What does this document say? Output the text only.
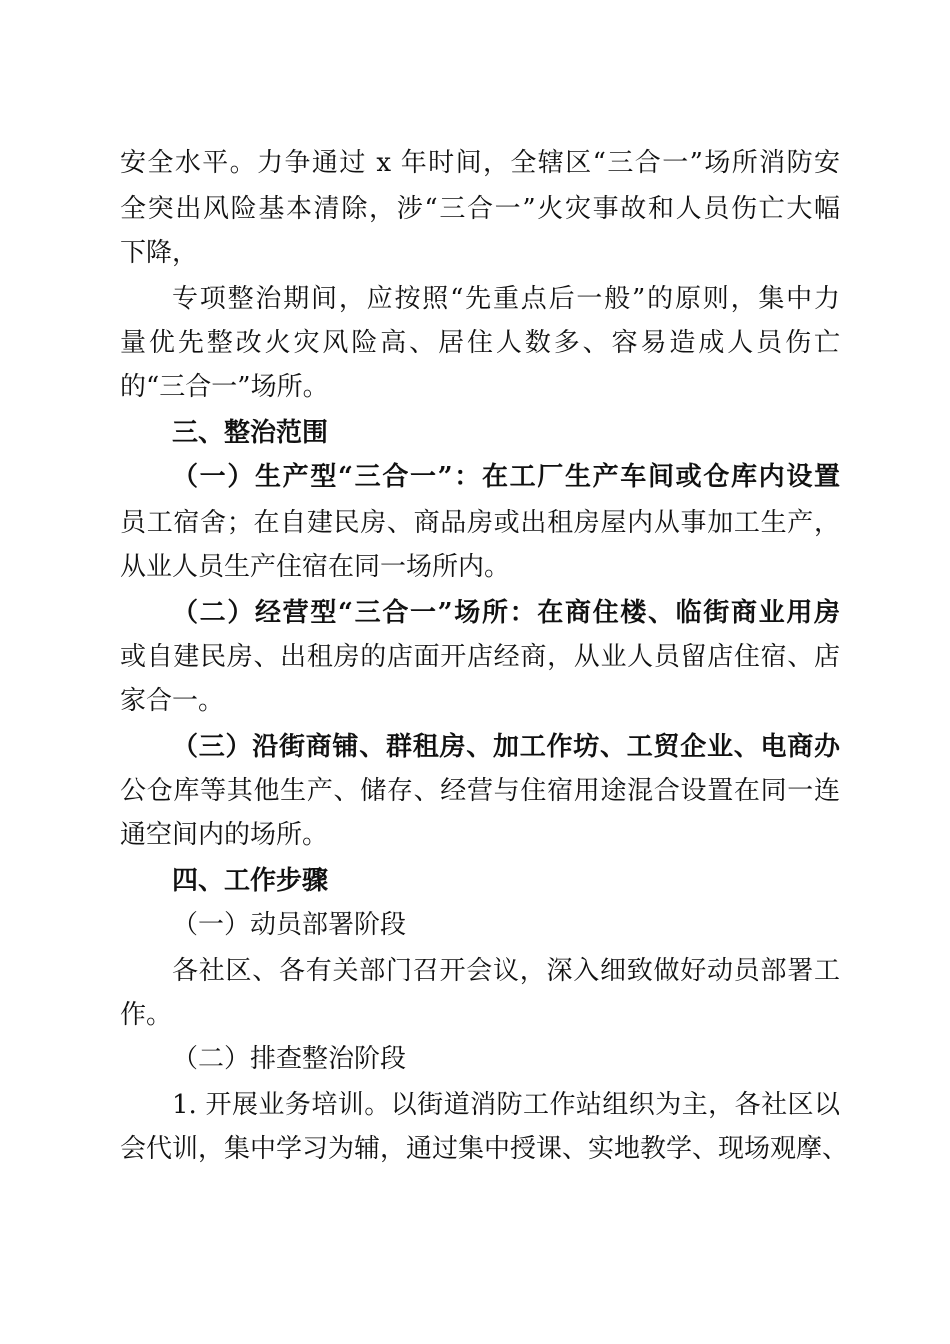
安全水平。力争通过 x 年时间，全辖区“三合一”场所消防安

全突出风险基本清除，涉“三合一”火灾事故和人员伤亡大幅

下降，

专项整治期间，应按照“先重点后一般”的原则，集中力

量优先整改火灾风险高、居住人数多、容易造成人员伤亡

的“三合一”场所。

三、整治范围

（一）生产型“三合一”：在工厂生产车间或仓库内设置

员工宿舍；在自建民房、商品房或出租房屋内从事加工生产，

从业人员生产住宿在同一场所内。

（二）经营型“三合一”场所：在商住楼、临街商业用房

或自建民房、出租房的店面开店经商，从业人员留店住宿、店

家合一。

（三）沿街商铺、群租房、加工作坊、工贸企业、电商办

公仓库等其他生产、储存、经营与住宿用途混合设置在同一连

通空间内的场所。

四、工作步骤

（一）动员部署阶段

各社区、各有关部门召开会议，深入细致做好动员部署工

作。

（二）排查整治阶段

1. 开展业务培训。以街道消防工作站组织为主，各社区以

会代训，集中学习为辅，通过集中授课、实地教学、现场观摩、
